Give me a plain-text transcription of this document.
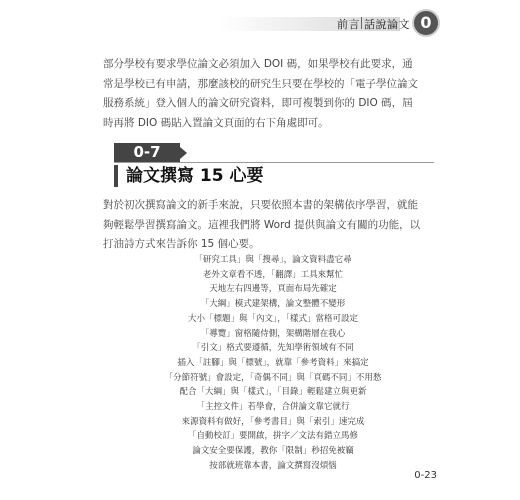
前言 話說論文 0

部分學校有要求學位論文必須加入 DOI 碼，如果學校有此要求，通常是學校已有申請，那麼該校的研究生只要在學校的「電子學位論文服務系統」登入個人的論文研究資料，即可複製到你的 DIO 碼，屆時再將 DIO 碼貼入置論文頁面的右下角處即可。

0-7
論文撰寫 15 心要

對於初次撰寫論文的新手來說，只要依照本書的架構依序學習，就能夠輕鬆學習撰寫論文。這裡我們將 Word 提供與論文有關的功能，以打油詩方式來告訴你 15 個心要。

「研究工具」與「搜尋」，論文資料盡它尋
老外文章看不透，「翻譯」工具來幫忙
天地左右四邊等，頁面布局先確定
「大綱」模式建架構，論文整體不變形
大小「標題」與「內文」，「樣式」當格可設定
「導覽」窗格隨侍側，架構階層在我心
「引文」格式要遵循，先知學術領域有不同
插入「註腳」與「標號」，就靠「參考資料」來搞定
「分節符號」會設定，「奇偶不同」與「頁碼不同」不用愁
配合「大綱」與「樣式」，「目錄」輕鬆建立與更新
「主控文件」若學會，合併論文靠它就行
來源資料有做好，「參考書目」與「索引」速完成
「自動校訂」要開啟，拼字／文法有錯立馬修
論文安全要保護，教你「限制」秒招免被竊
按部就班靠本書，論文撰寫沒煩惱
0-23
